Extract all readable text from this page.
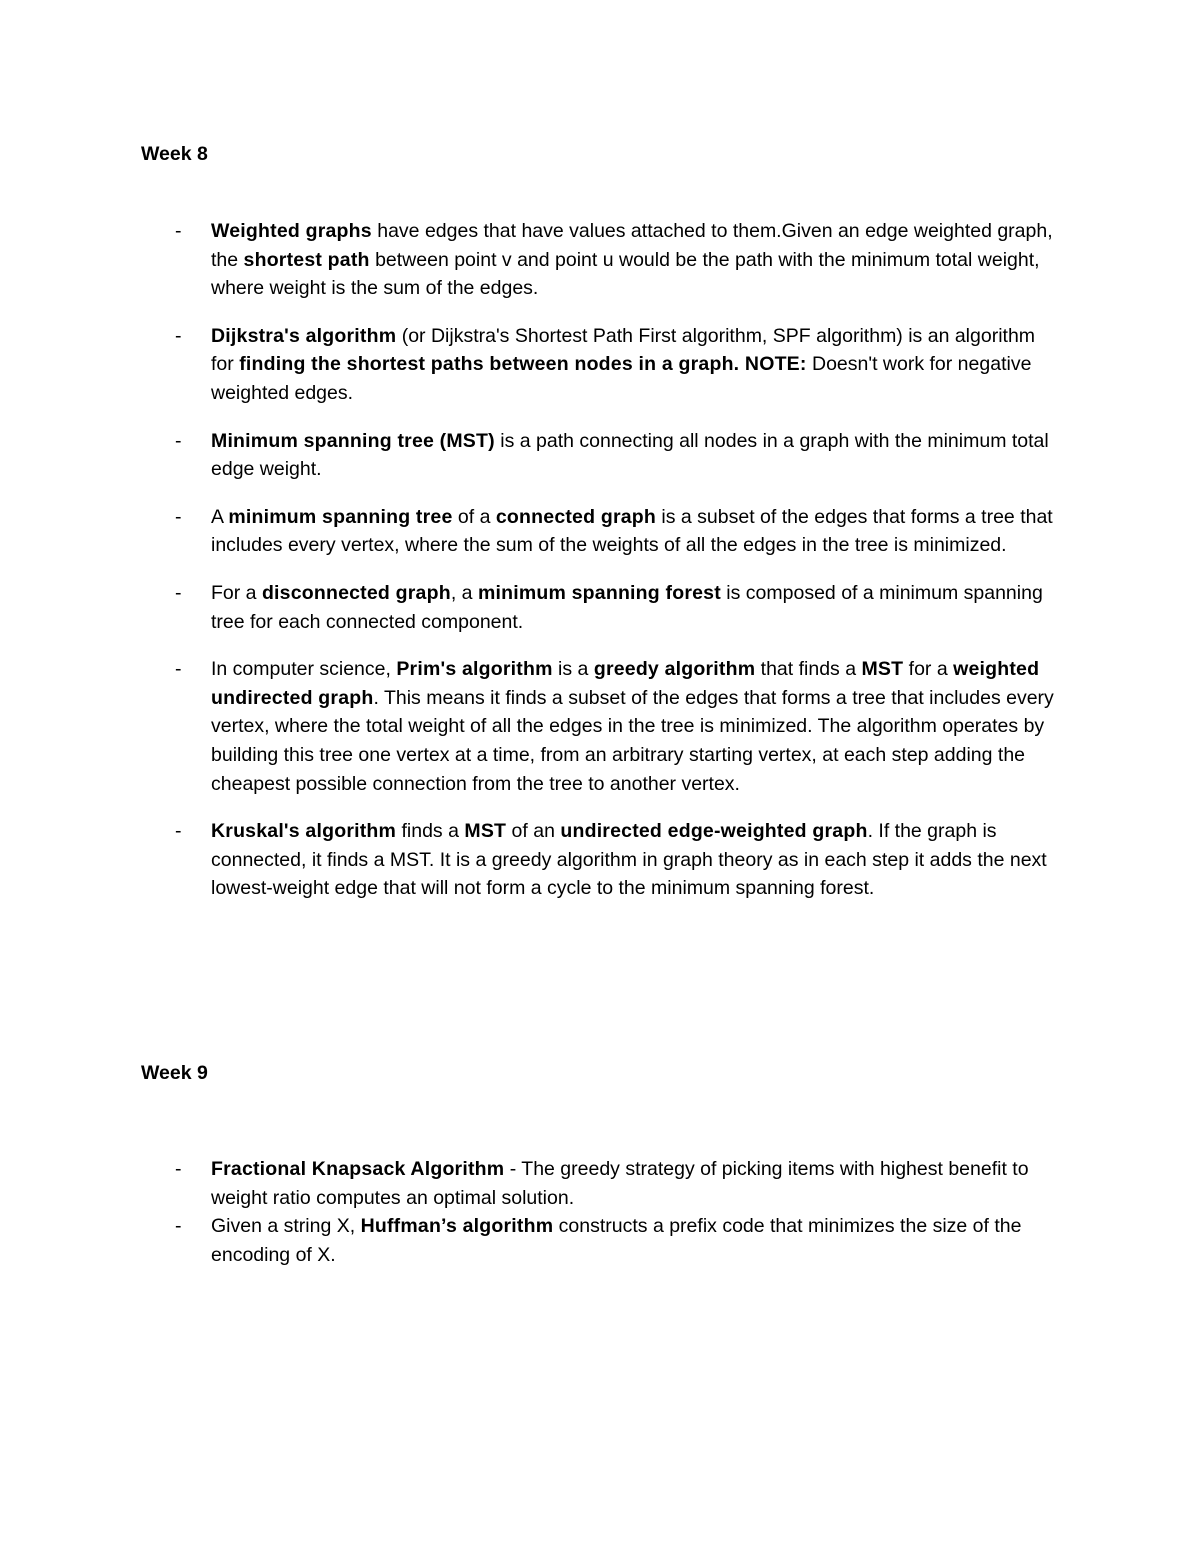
Week 8
- Weighted graphs have edges that have values attached to them.Given an edge weighted graph, the shortest path between point v and point u would be the path with the minimum total weight, where weight is the sum of the edges.
- Dijkstra's algorithm (or Dijkstra's Shortest Path First algorithm, SPF algorithm) is an algorithm for finding the shortest paths between nodes in a graph. NOTE: Doesn't work for negative weighted edges.
- Minimum spanning tree (MST) is a path connecting all nodes in a graph with the minimum total edge weight.
- A minimum spanning tree of a connected graph is a subset of the edges that forms a tree that includes every vertex, where the sum of the weights of all the edges in the tree is minimized.
- For a disconnected graph, a minimum spanning forest is composed of a minimum spanning tree for each connected component.
- In computer science, Prim's algorithm is a greedy algorithm that finds a MST for a weighted undirected graph. This means it finds a subset of the edges that forms a tree that includes every vertex, where the total weight of all the edges in the tree is minimized. The algorithm operates by building this tree one vertex at a time, from an arbitrary starting vertex, at each step adding the cheapest possible connection from the tree to another vertex.
- Kruskal's algorithm finds a MST of an undirected edge-weighted graph. If the graph is connected, it finds a MST. It is a greedy algorithm in graph theory as in each step it adds the next lowest-weight edge that will not form a cycle to the minimum spanning forest.
Week 9
- Fractional Knapsack Algorithm - The greedy strategy of picking items with highest benefit to weight ratio computes an optimal solution.
- Given a string X, Huffman’s algorithm constructs a prefix code that minimizes the size of the encoding of X.
